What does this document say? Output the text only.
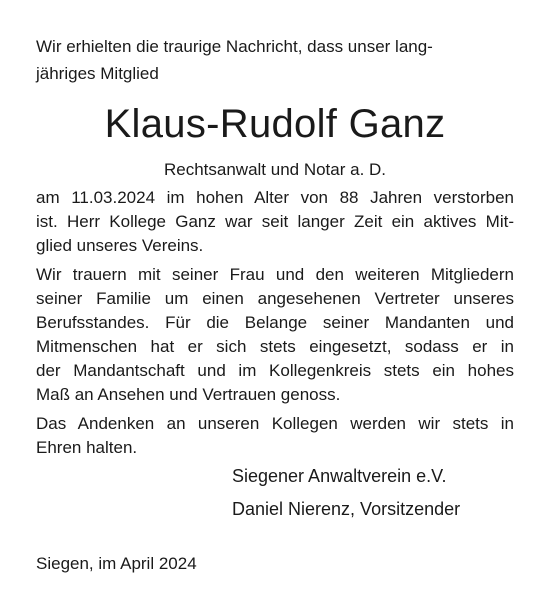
Wir erhielten die traurige Nachricht, dass unser lang-
jähriges Mitglied
Klaus-Rudolf Ganz
Rechtsanwalt und Notar a. D.
am 11.03.2024 im hohen Alter von 88 Jahren verstorben
ist. Herr Kollege Ganz war seit langer Zeit ein aktives Mit-
glied unseres Vereins.
Wir trauern mit seiner Frau und den weiteren Mitgliedern
seiner Familie um einen angesehenen Vertreter unseres
Berufsstandes. Für die Belange seiner Mandanten und
Mitmenschen hat er sich stets eingesetzt, sodass er in
der Mandantschaft und im Kollegenkreis stets ein hohes
Maß an Ansehen und Vertrauen genoss.
Das Andenken an unseren Kollegen werden wir stets in
Ehren halten.
Siegener Anwaltverein e.V.
Daniel Nierenz, Vorsitzender
Siegen, im April 2024
